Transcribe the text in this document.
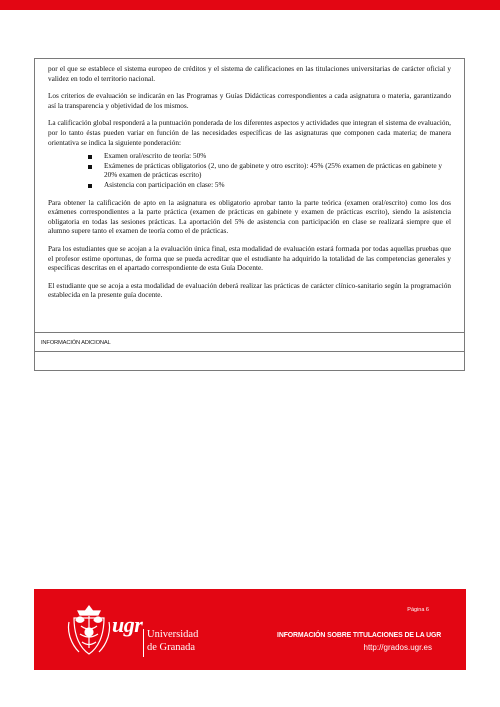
por el que se establece el sistema europeo de créditos y el sistema de calificaciones en las titulaciones universitarias de carácter oficial y validez en todo el territorio nacional.

Los criterios de evaluación se indicarán en las Programas y Guías Didácticas correspondientes a cada asignatura o materia, garantizando así la transparencia y objetividad de los mismos.

La calificación global responderá a la puntuación ponderada de los diferentes aspectos y actividades que integran el sistema de evaluación, por lo tanto éstas pueden variar en función de las necesidades específicas de las asignaturas que componen cada materia; de manera orientativa se indica la siguiente ponderación:

Examen oral/escrito de teoría: 50%
Exámenes de prácticas obligatorios (2, uno de gabinete y otro escrito): 45% (25% examen de prácticas en gabinete y 20% examen de prácticas escrito)
Asistencia con participación en clase: 5%

Para obtener la calificación de apto en la asignatura es obligatorio aprobar tanto la parte teórica (examen oral/escrito) como los dos exámenes correspondientes a la parte práctica (examen de prácticas en gabinete y examen de prácticas escrito), siendo la asistencia obligatoria en todas las sesiones prácticas. La aportación del 5% de asistencia con participación en clase se realizará siempre que el alumno supere tanto el examen de teoría como el de prácticas.

Para los estudiantes que se acojan a la evaluación única final, esta modalidad de evaluación estará formada por todas aquellas pruebas que el profesor estime oportunas, de forma que se pueda acreditar que el estudiante ha adquirido la totalidad de las competencias generales y específicas descritas en el apartado correspondiente de esta Guía Docente.

El estudiante que se acoja a esta modalidad de evaluación deberá realizar las prácticas de carácter clínico-sanitario según la programación establecida en la presente guía docente.

INFORMACIÓN ADICIONAL
Página 6
ugr Universidad
de Granada
INFORMACIÓN SOBRE TITULACIONES DE LA UGR
http://grados.ugr.es
